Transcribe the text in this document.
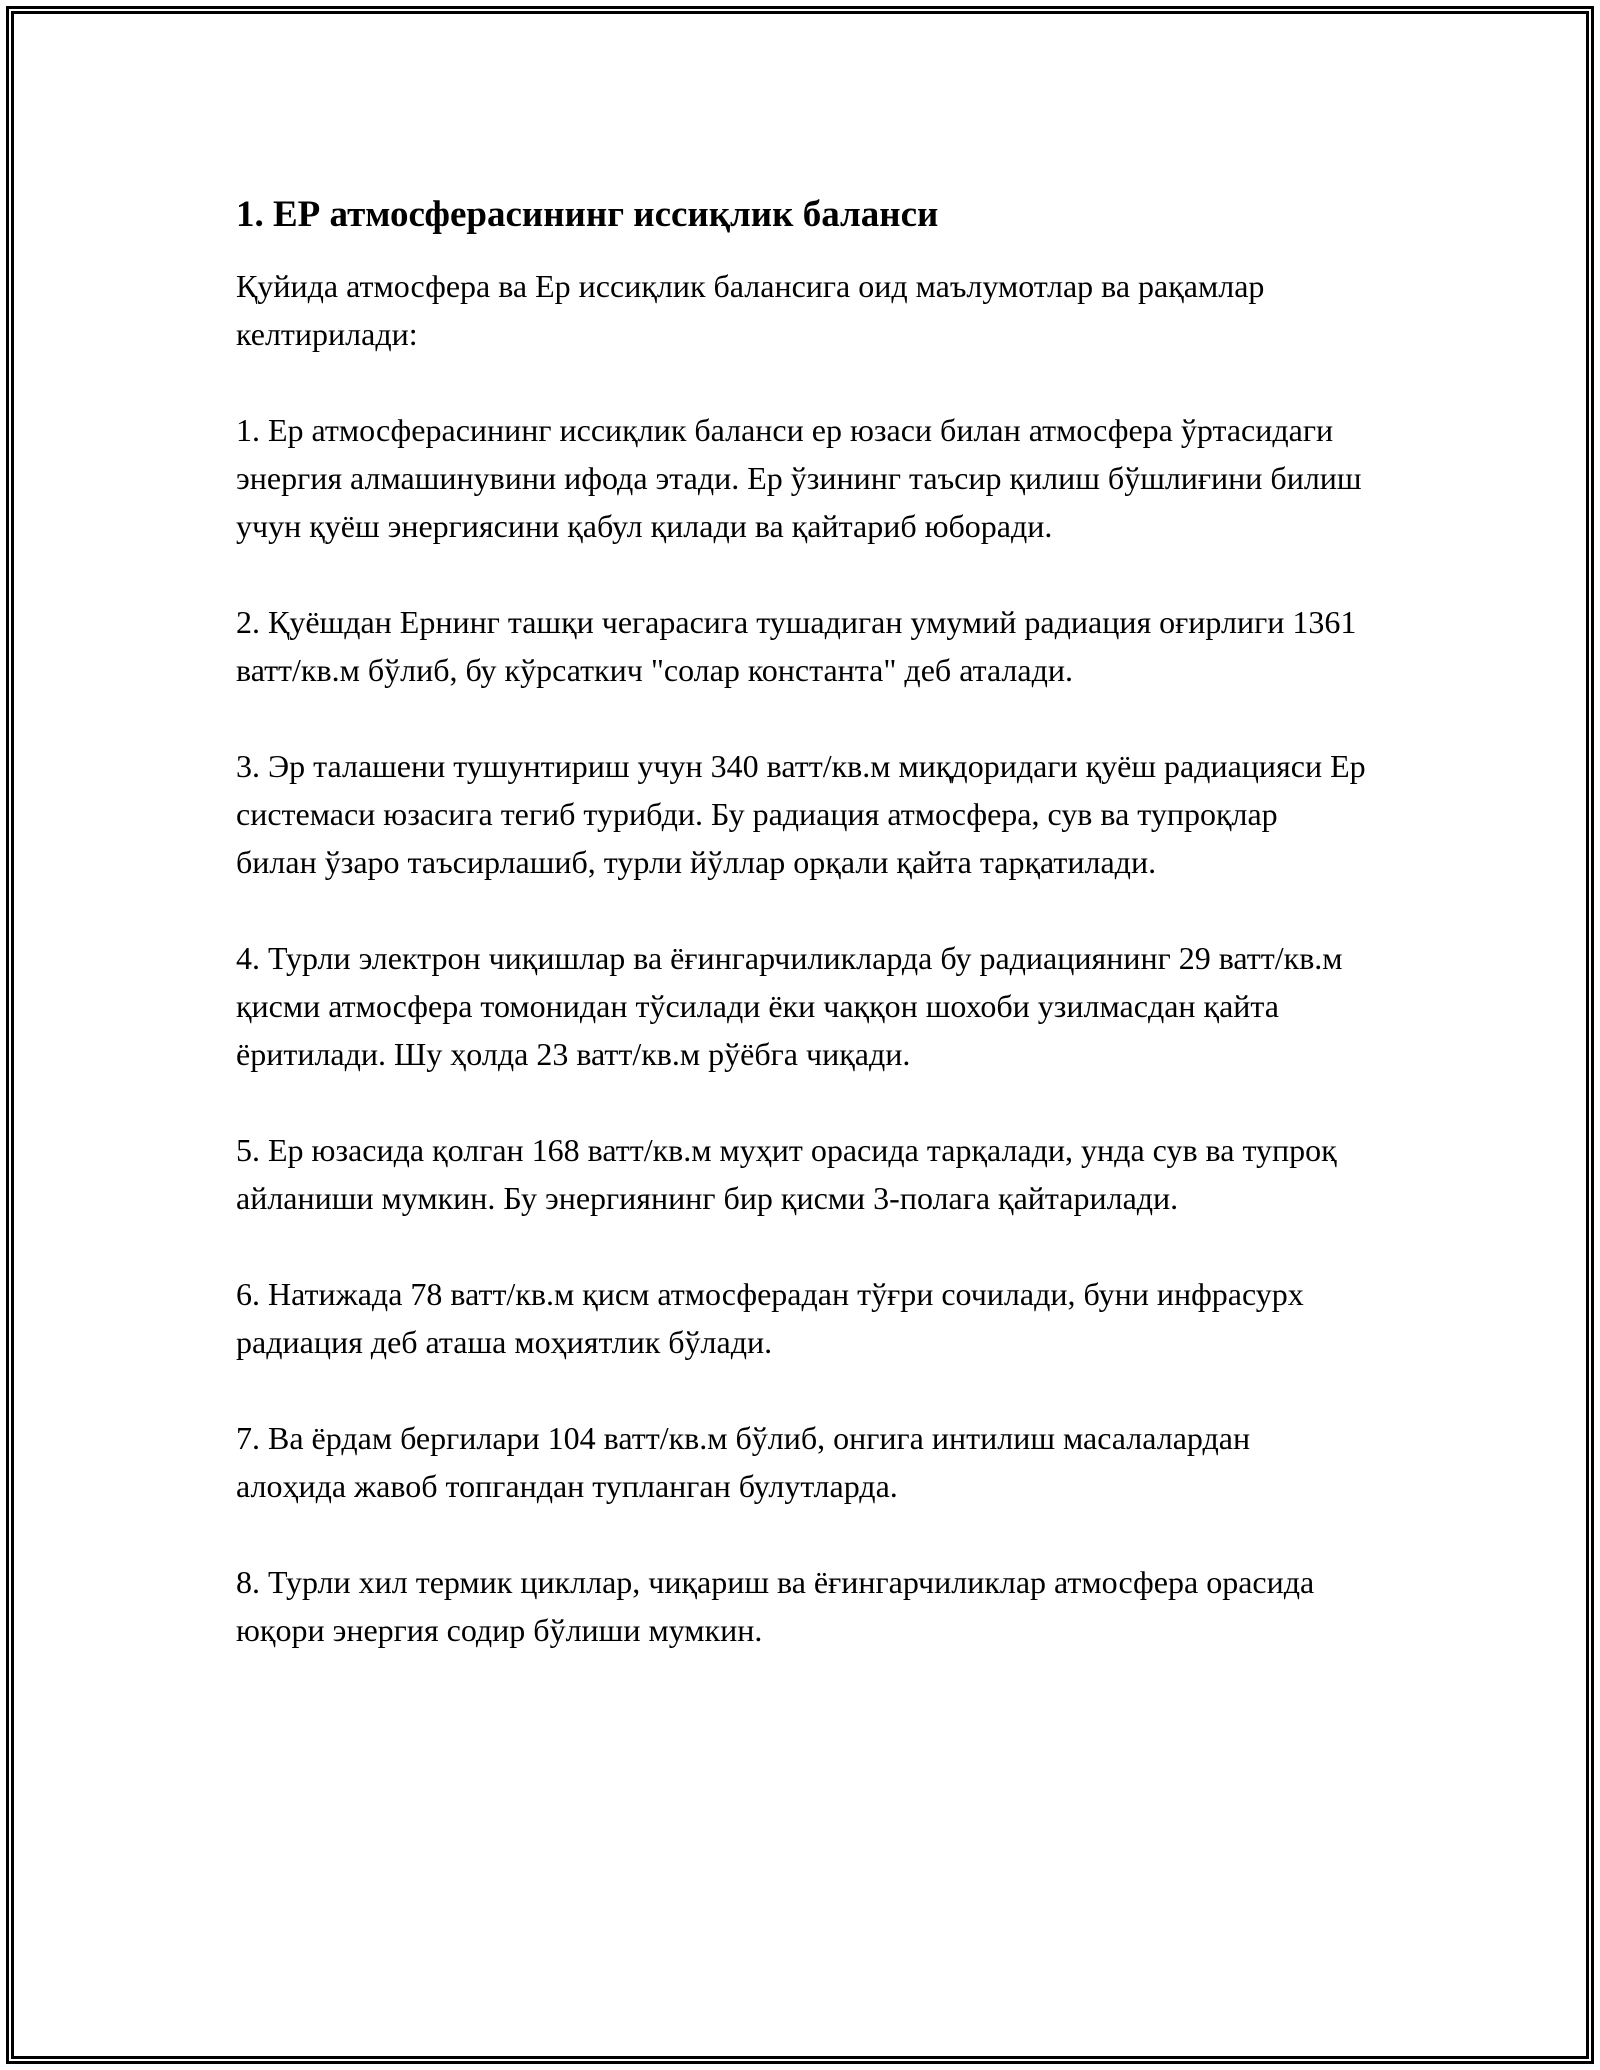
1. ЕР атмосферасининг иссиқлик баланси

Қуйида атмосфера ва Ер иссиқлик балансига оид маълумотлар ва рақамлар келтирилади:

1. Ер атмосферасининг иссиқлик баланси ер юзаси билан атмосфера ўртасидаги энергия алмашинувини ифода этади. Ер ўзининг таъсир қилиш бўшлиғини билиш учун қуёш энергиясини қабул қилади ва қайтариб юборади.

2. Қуёшдан Ернинг ташқи чегарасига тушадиган умумий радиация оғирлиги 1361 ватт/кв.м бўлиб, бу кўрсаткич "солар константа" деб аталади.

3. Эр талашени тушунтириш учун 340 ватт/кв.м миқдоридаги қуёш радиацияси Ер системаси юзасига тегиб турибди. Бу радиация атмосфера, сув ва тупроқлар билан ўзаро таъсирлашиб, турли йўллар орқали қайта тарқатилади.

4. Турли электрон чиқишлар ва ёғингарчиликларда бу радиациянинг 29 ватт/кв.м қисми атмосфера томонидан тўсилади ёки чаққон шохоби узилмасдан қайта ёритилади. Шу ҳолда 23 ватт/кв.м рўёбга чиқади.

5. Ер юзасида қолган 168 ватт/кв.м муҳит орасида тарқалади, унда сув ва тупроқ айланиши мумкин. Бу энергиянинг бир қисми 3-полага қайтарилади.

6. Натижада 78 ватт/кв.м қисм атмосферадан тўғри сочилади, буни инфрасурх радиация деб аташа моҳиятлик бўлади.

7. Ва ёрдам бергилари 104 ватт/кв.м бўлиб, онгига интилиш масалалардан алоҳида жавоб топгандан тупланган булутларда.

8. Турли хил термик цикллар, чиқариш ва ёғингарчиликлар атмосфера орасида юқори энергия содир бўлиши мумкин.
